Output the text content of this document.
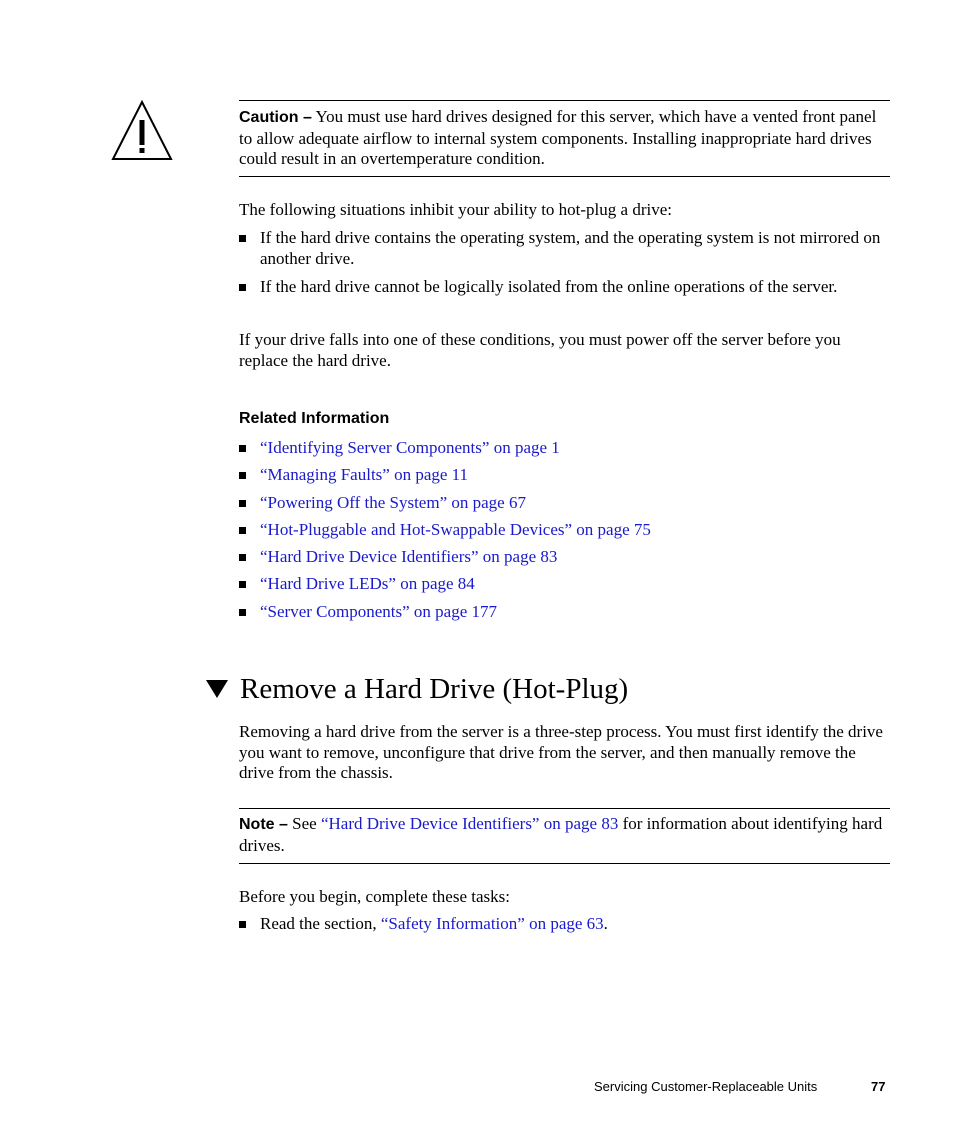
Caution – You must use hard drives designed for this server, which have a vented front panel to allow adequate airflow to internal system components. Installing inappropriate hard drives could result in an overtemperature condition.
The following situations inhibit your ability to hot-plug a drive:
If the hard drive contains the operating system, and the operating system is not mirrored on another drive.
If the hard drive cannot be logically isolated from the online operations of the server.
If your drive falls into one of these conditions, you must power off the server before you replace the hard drive.
Related Information
“Identifying Server Components” on page 1
“Managing Faults” on page 11
“Powering Off the System” on page 67
“Hot-Pluggable and Hot-Swappable Devices” on page 75
“Hard Drive Device Identifiers” on page 83
“Hard Drive LEDs” on page 84
“Server Components” on page 177
Remove a Hard Drive (Hot-Plug)
Removing a hard drive from the server is a three-step process. You must first identify the drive you want to remove, unconfigure that drive from the server, and then manually remove the drive from the chassis.
Note – See “Hard Drive Device Identifiers” on page 83 for information about identifying hard drives.
Before you begin, complete these tasks:
Read the section, “Safety Information” on page 63.
Servicing Customer-Replaceable Units	77
